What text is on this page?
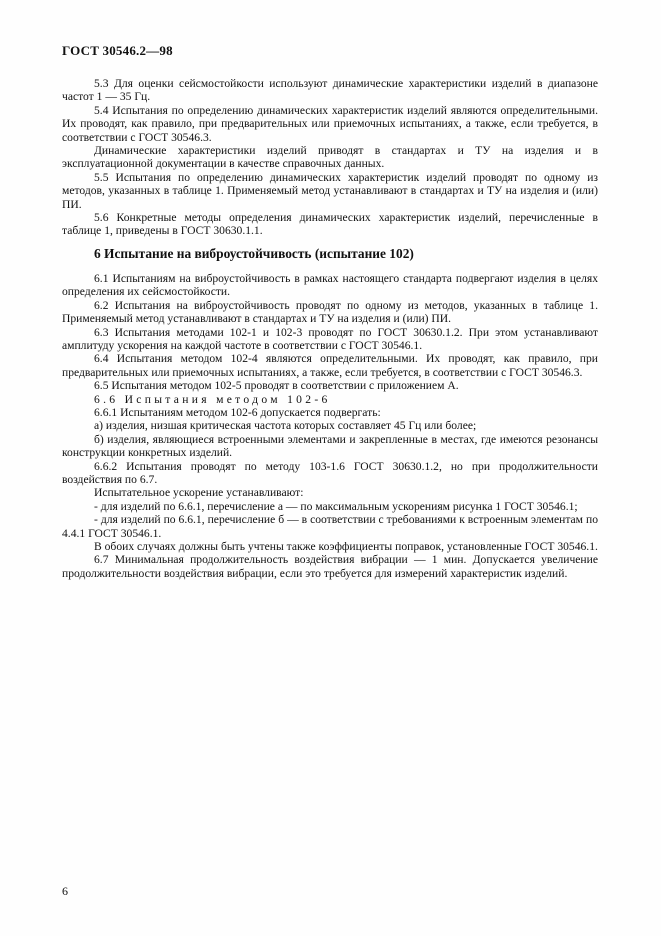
ГОСТ 30546.2—98

5.3 Для оценки сейсмостойкости используют динамические характеристики изделий в диапазоне частот 1 — 35 Гц.

5.4 Испытания по определению динамических характеристик изделий являются определительными. Их проводят, как правило, при предварительных или приемочных испытаниях, а также, если требуется, в соответствии с ГОСТ 30546.3.

Динамические характеристики изделий приводят в стандартах и ТУ на изделия и в эксплуатационной документации в качестве справочных данных.

5.5 Испытания по определению динамических характеристик изделий проводят по одному из методов, указанных в таблице 1. Применяемый метод устанавливают в стандартах и ТУ на изделия и (или) ПИ.

5.6 Конкретные методы определения динамических характеристик изделий, перечисленные в таблице 1, приведены в ГОСТ 30630.1.1.

6 Испытание на виброустойчивость (испытание 102)

6.1 Испытаниям на виброустойчивость в рамках настоящего стандарта подвергают изделия в целях определения их сейсмостойкости.

6.2 Испытания на виброустойчивость проводят по одному из методов, указанных в таблице 1. Применяемый метод устанавливают в стандартах и ТУ на изделия и (или) ПИ.

6.3 Испытания методами 102-1 и 102-3 проводят по ГОСТ 30630.1.2. При этом устанавливают амплитуду ускорения на каждой частоте в соответствии с ГОСТ 30546.1.

6.4 Испытания методом 102-4 являются определительными. Их проводят, как правило, при предварительных или приемочных испытаниях, а также, если требуется, в соответствии с ГОСТ 30546.3.

6.5 Испытания методом 102-5 проводят в соответствии с приложением А.

6.6 Испытания методом 102-6

6.6.1 Испытаниям методом 102-6 допускается подвергать:

а) изделия, низшая критическая частота которых составляет 45 Гц или более;

б) изделия, являющиеся встроенными элементами и закрепленные в местах, где имеются резонансы конструкции конкретных изделий.

6.6.2 Испытания проводят по методу 103-1.6 ГОСТ 30630.1.2, но при продолжительности воздействия по 6.7.

Испытательное ускорение устанавливают:

- для изделий по 6.6.1, перечисление а — по максимальным ускорениям рисунка 1 ГОСТ 30546.1;

- для изделий по 6.6.1, перечисление б — в соответствии с требованиями к встроенным элементам по 4.4.1 ГОСТ 30546.1.

В обоих случаях должны быть учтены также коэффициенты поправок, установленные ГОСТ 30546.1.

6.7 Минимальная продолжительность воздействия вибрации — 1 мин. Допускается увеличение продолжительности воздействия вибрации, если это требуется для измерений характеристик изделий.

6
